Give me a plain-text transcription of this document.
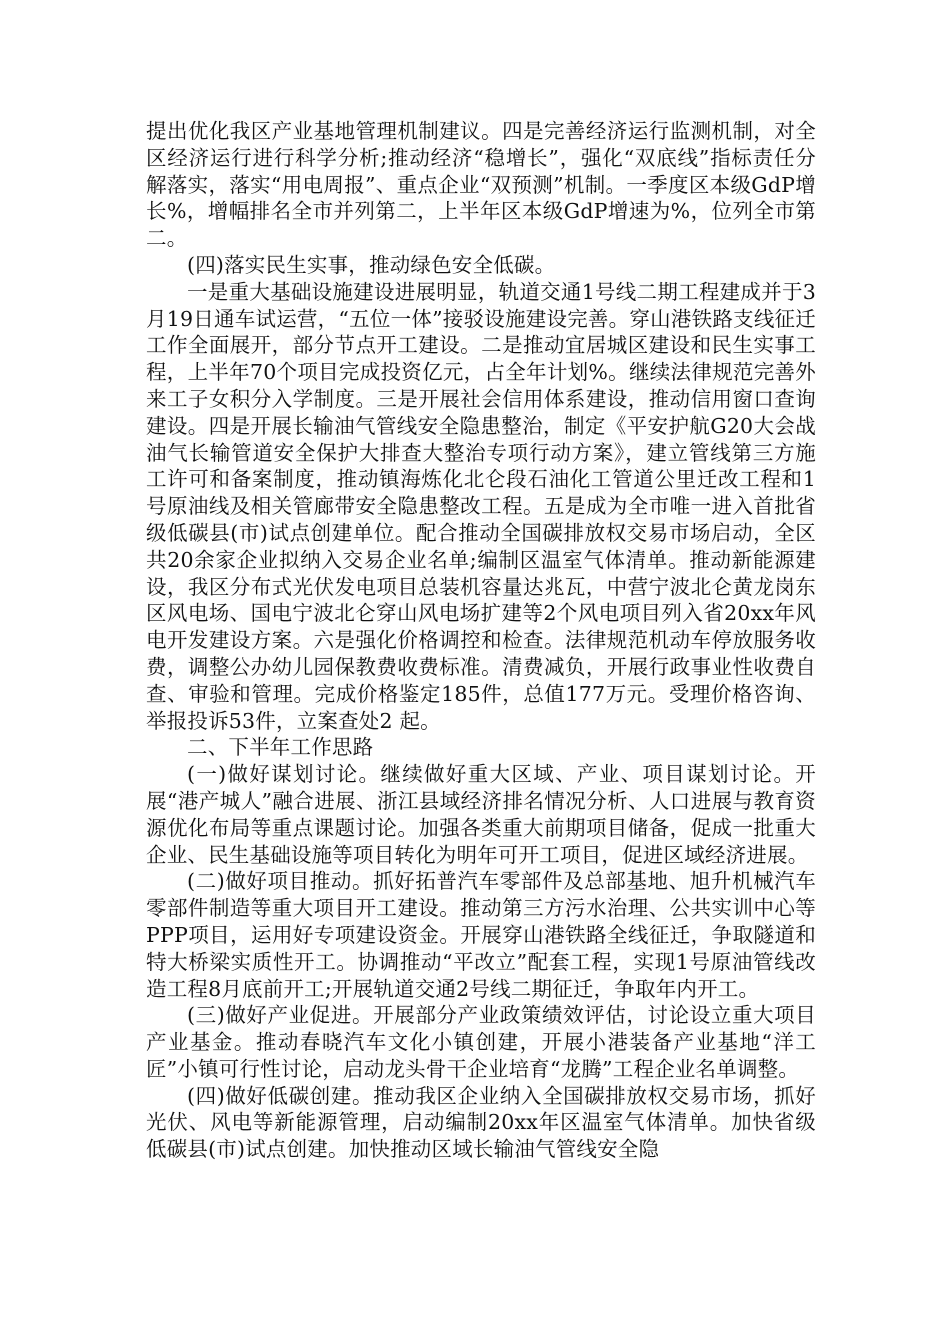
提出优化我区产业基地管理机制建议。四是完善经济运行监测机制，对全区经济运行进行科学分析;推动经济“稳增长”，强化“双底线”指标责任分解落实，落实“用电周报”、重点企业“双预测”机制。一季度区本级GdP增长%，增幅排名全市并列第二，上半年区本级GdP增速为%，位列全市第二。

(四)落实民生实事，推动绿色安全低碳。

一是重大基础设施建设进展明显，轨道交通1号线二期工程建成并于3月19日通车试运营，“五位一体”接驳设施建设完善。穿山港铁路支线征迁工作全面展开，部分节点开工建设。二是推动宜居城区建设和民生实事工程，上半年70个项目完成投资亿元，占全年计划%。继续法律规范完善外来工子女积分入学制度。三是开展社会信用体系建设，推动信用窗口查询建设。四是开展长输油气管线安全隐患整治，制定《平安护航G20大会战油气长输管道安全保护大排查大整治专项行动方案》，建立管线第三方施工许可和备案制度，推动镇海炼化北仑段石油化工管道公里迁改工程和1号原油线及相关管廊带安全隐患整改工程。五是成为全市唯一进入首批省级低碳县(市)试点创建单位。配合推动全国碳排放权交易市场启动，全区共20余家企业拟纳入交易企业名单;编制区温室气体清单。推动新能源建设，我区分布式光伏发电项目总装机容量达兆瓦，中营宁波北仑黄龙岗东区风电场、国电宁波北仑穿山风电场扩建等2个风电项目列入省20xx年风电开发建设方案。六是强化价格调控和检查。法律规范机动车停放服务收费，调整公办幼儿园保教费收费标准。清费减负，开展行政事业性收费自查、审验和管理。完成价格鉴定185件，总值177万元。受理价格咨询、举报投诉53件，立案查处2 起。

二、下半年工作思路

(一)做好谋划讨论。继续做好重大区域、产业、项目谋划讨论。开展“港产城人”融合进展、浙江县域经济排名情况分析、人口进展与教育资源优化布局等重点课题讨论。加强各类重大前期项目储备，促成一批重大企业、民生基础设施等项目转化为明年可开工项目，促进区域经济进展。

(二)做好项目推动。抓好拓普汽车零部件及总部基地、旭升机械汽车零部件制造等重大项目开工建设。推动第三方污水治理、公共实训中心等PPP项目，运用好专项建设资金。开展穿山港铁路全线征迁，争取隧道和特大桥梁实质性开工。协调推动“平改立”配套工程，实现1号原油管线改造工程8月底前开工;开展轨道交通2号线二期征迁，争取年内开工。

(三)做好产业促进。开展部分产业政策绩效评估，讨论设立重大项目产业基金。推动春晓汽车文化小镇创建，开展小港装备产业基地“洋工匠”小镇可行性讨论，启动龙头骨干企业培育“龙腾”工程企业名单调整。

(四)做好低碳创建。推动我区企业纳入全国碳排放权交易市场，抓好光伏、风电等新能源管理，启动编制20xx年区温室气体清单。加快省级低碳县(市)试点创建。加快推动区域长输油气管线安全隐
